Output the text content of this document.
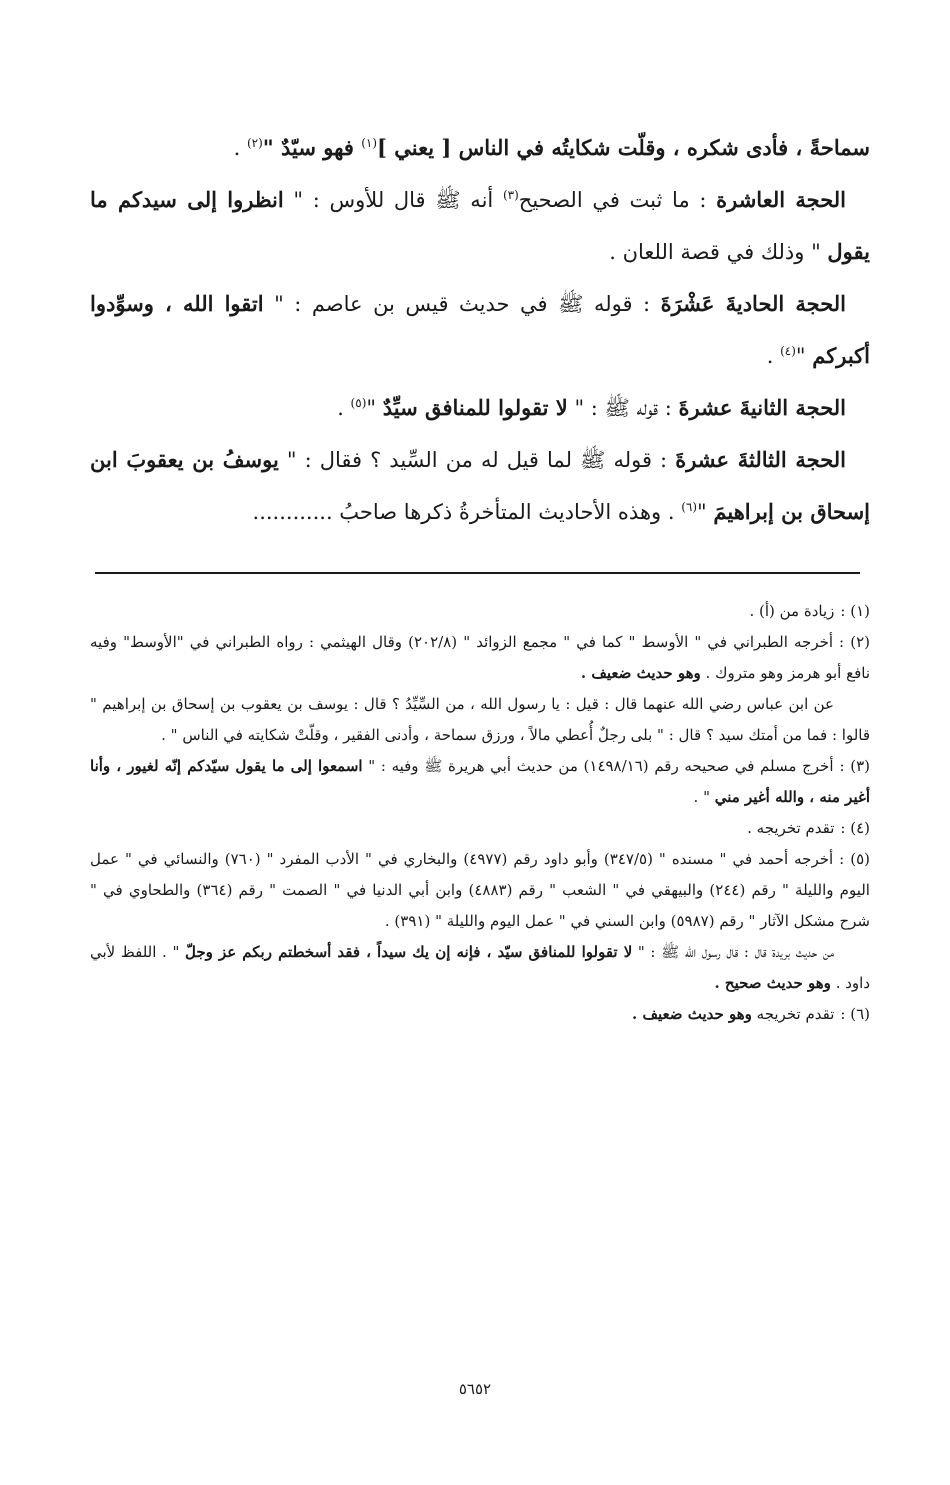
سماحةً ، فأدى شكره ، وقلّت شكايتُه في الناس [ يعني ]$^{(١)}$ فهو سيّدٌ "$^{(٢)}$ .

الحجة العاشرة : ما ثبت في الصحيح$^{(٣)}$ أنه ﷺ قال للأوس : " انظروا إلى سيدكم ما يقول " وذلك في قصة اللعان .

الحجة الحاديةَ عَشْرَةَ : قوله ﷺ في حديث قيس بن عاصم : " اتقوا الله ، وسوِّدوا أكبركم "$^{(٤)}$ .

الحجة الثانيةَ عشرةَ : قوله ﷺ : " لا تقولوا للمنافق سيِّدٌ "$^{(٥)}$ .

الحجة الثالثةَ عشرةَ : قوله ﷺ لما قيل له من السِّيد ؟ فقال : " يوسفُ بن يعقوبَ ابن إسحاق بن إبراهيمَ "$^{(٦)}$ . وهذه الأحاديث المتأخرةُ ذكرها صاحبُ ............

(١) :زيادة من (أ) .

(٢) :أخرجه الطبراني في " الأوسط " كما في " مجمع الزوائد " (٢٠٢/٨) وقال الهيثمي : رواه الطبراني في "الأوسط" وفيه نافع أبو هرمز وهو متروك . وهو حديث ضعيف .

عن ابن عباس رضي الله عنهما قال : قيل : يا رسول الله ، من السِّيِّدُ ؟ قال : يوسف بن يعقوب بن إسحاق بن إبراهيم " قالوا : فما من أمتك سيد ؟ قال : " بلى رجلٌ أُعطي مالاً ، ورزق سماحة ، وأدنى الفقير ، وقلّتْ شكايته في الناس " .

(٣) :أخرج مسلم في صحيحه رقم (١٤٩٨/١٦) من حديث أبي هريرة ﷺ وفيه : " اسمعوا إلى ما يقول سيّدكم إنّه لغيور ، وأنا أغير منه ، والله أغير مني " .

(٤) :تقدم تخريجه .

(٥) :أخرجه أحمد في " مسنده " (٣٤٧/٥) وأبو داود رقم (٤٩٧٧) والبخاري في " الأدب المفرد " (٧٦٠) والنسائي في " عمل اليوم والليلة " رقم (٢٤٤) والبيهقي في " الشعب " رقم (٤٨٨٣) وابن أبي الدنيا في " الصمت " رقم (٣٦٤) والطحاوي في " شرح مشكل الآثار " رقم (٥٩٨٧) وابن السني في " عمل اليوم والليلة " (٣٩١) .

من حديث بريدة قال : قال رسول الله ﷺ : " لا تقولوا للمنافق سيّد ، فإنه إن يك سيداً ، فقد أسخطتم ربكم عز وجلّ " . اللفظ لأبي داود . وهو حديث صحيح .

(٦) :تقدم تخريجه وهو حديث ضعيف .

٥٦٥٢
